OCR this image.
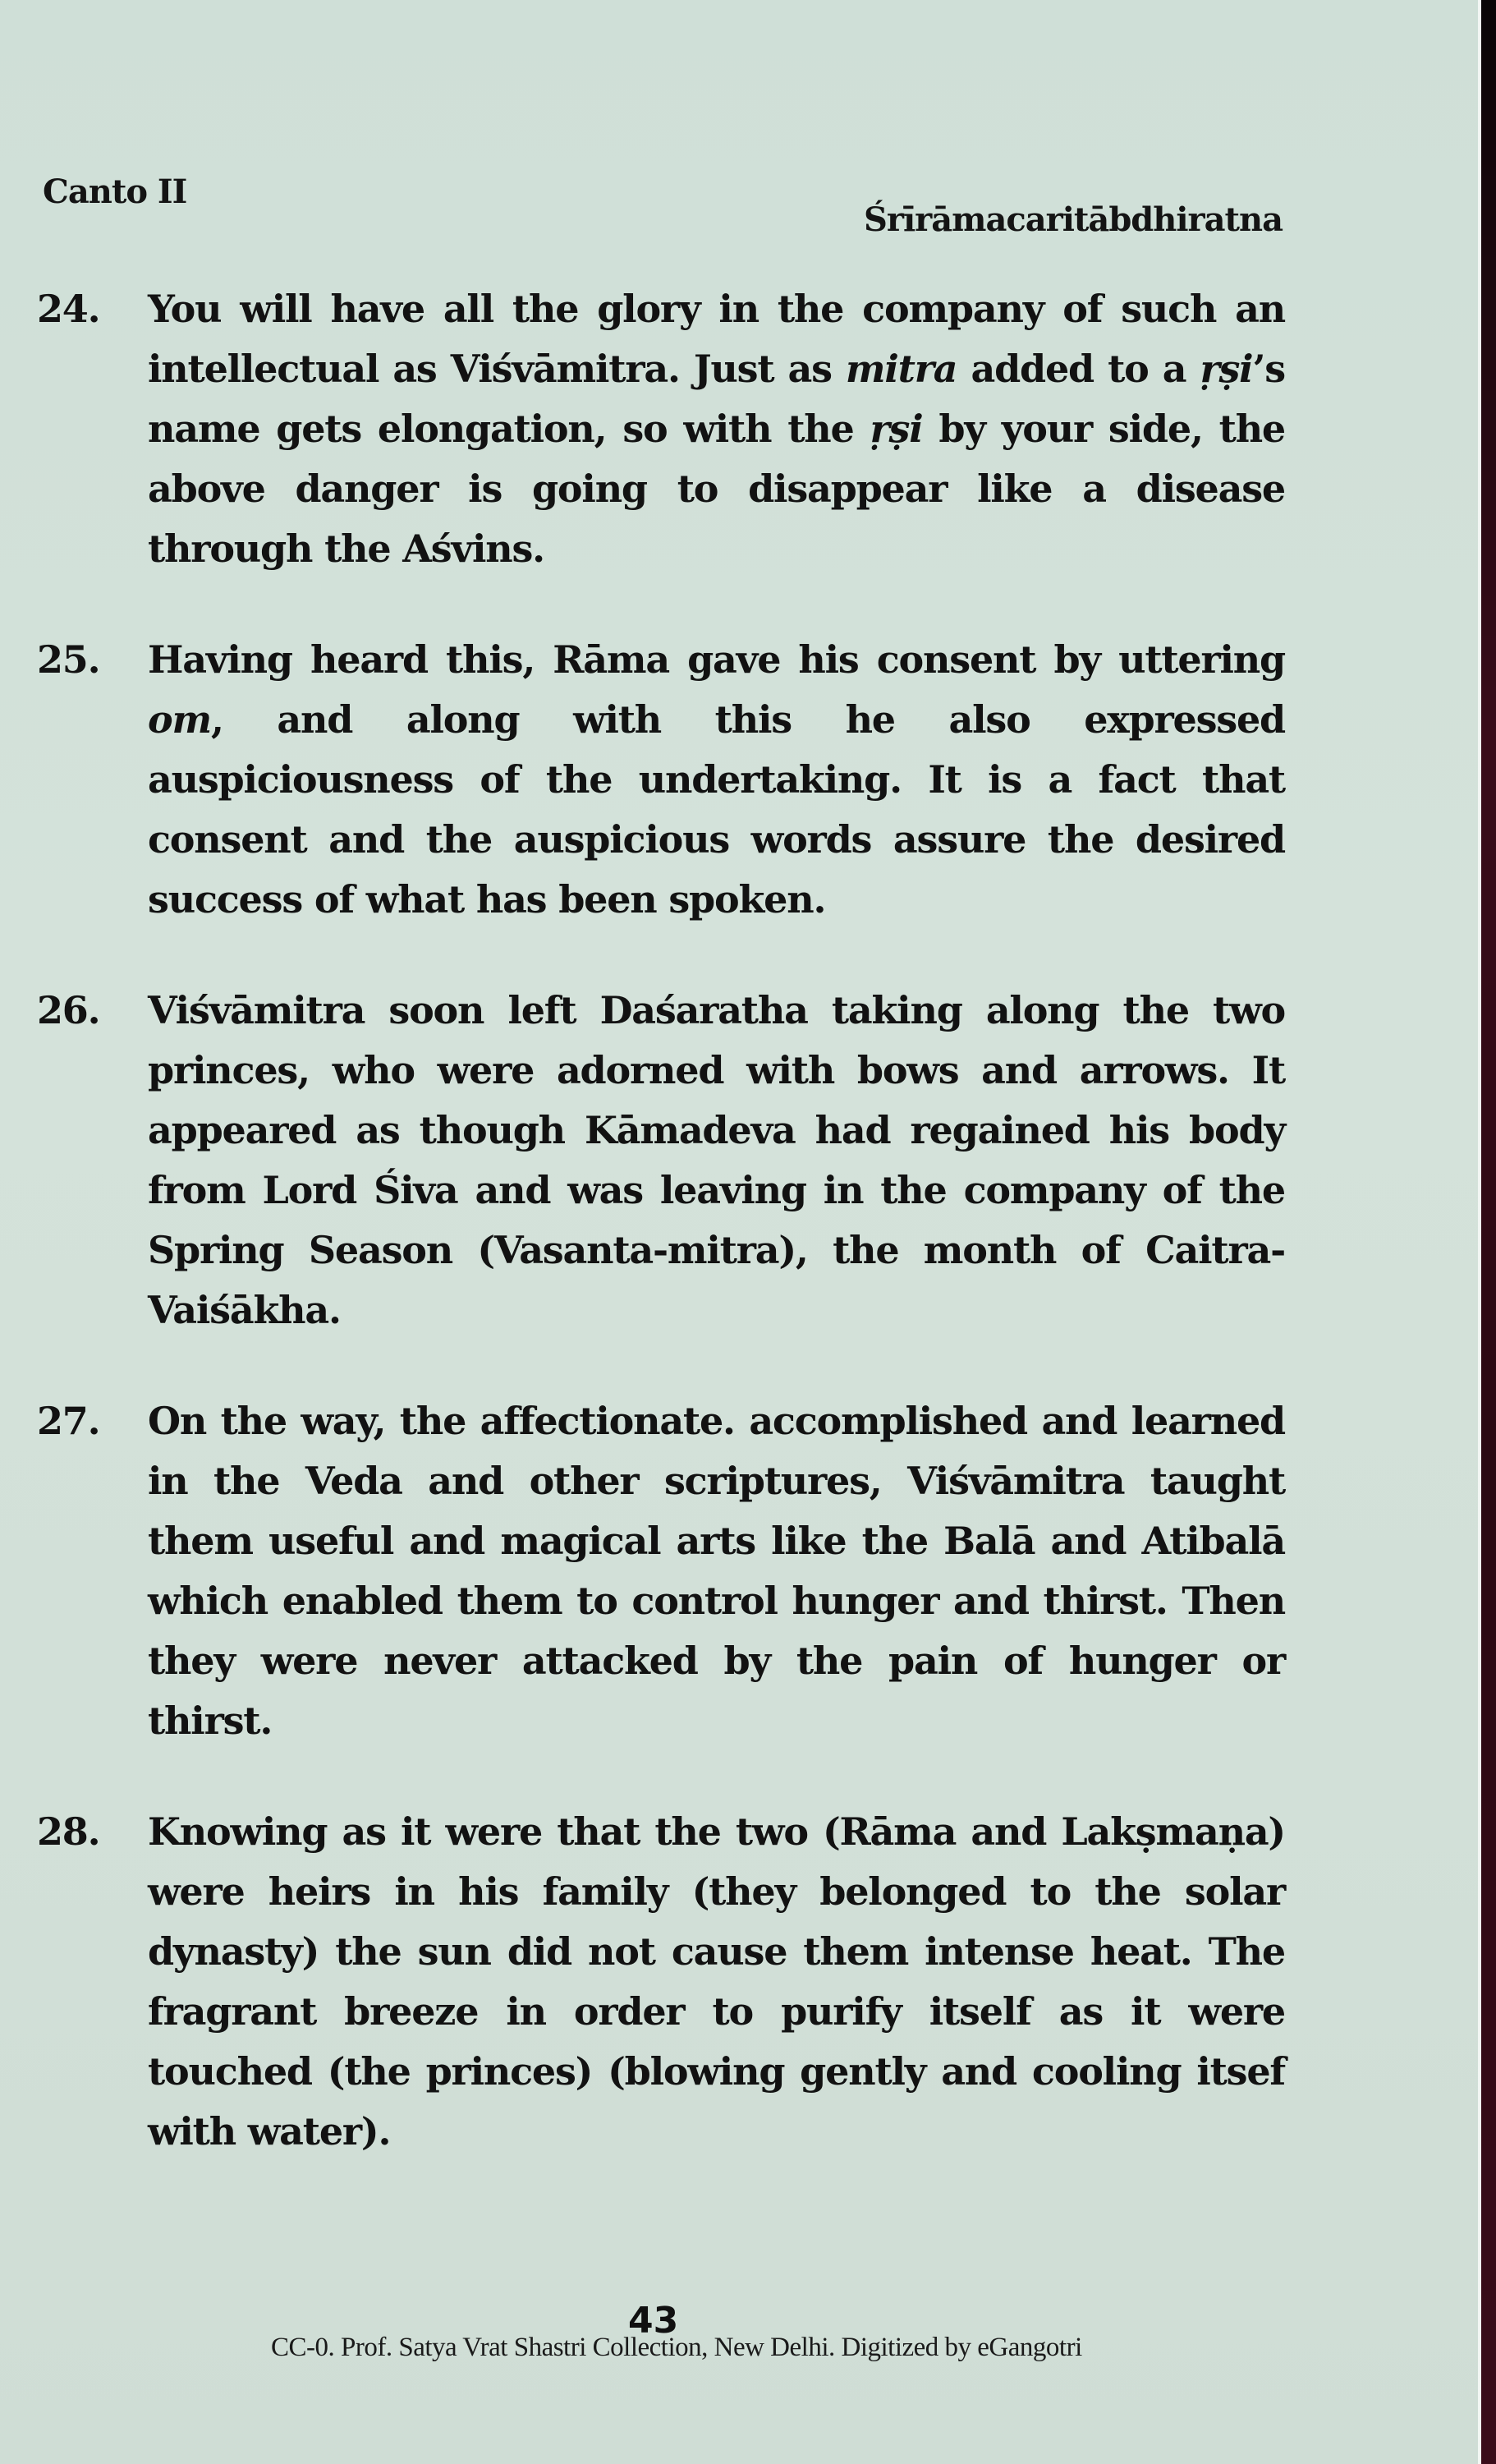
Canto II
Śrīrāmacaritābdhiratna
24.	You will have all the glory in the company of such an intellectual as Viśvāmitra. Just as mitra added to a ṛṣi’s name gets elongation, so with the ṛṣi by your side, the above danger is going to disappear like a disease through the Aśvins.
25.	Having heard this, Rāma gave his consent by uttering om, and along with this he also expressed auspiciousness of the undertaking. It is a fact that consent and the auspicious words assure the desired success of what has been spoken.
26.	Viśvāmitra soon left Daśaratha taking along the two princes, who were adorned with bows and arrows. It appeared as though Kāmadeva had regained his body from Lord Śiva and was leaving in the company of the Spring Season (Vasanta-mitra), the month of Caitra-Vaiśākha.
27.	On the way, the affectionate. accomplished and learned in the Veda and other scriptures, Viśvāmitra taught them useful and magical arts like the Balā and Atibalā which enabled them to control hunger and thirst. Then they were never attacked by the pain of hunger or thirst.
28.	Knowing as it were that the two (Rāma and Lakṣmaṇa) were heirs in his family (they belonged to the solar dynasty) the sun did not cause them intense heat. The fragrant breeze in order to purify itself as it were touched (the princes) (blowing gently and cooling itsef with water).
43
CC-0. Prof. Satya Vrat Shastri Collection, New Delhi. Digitized by eGangotri
